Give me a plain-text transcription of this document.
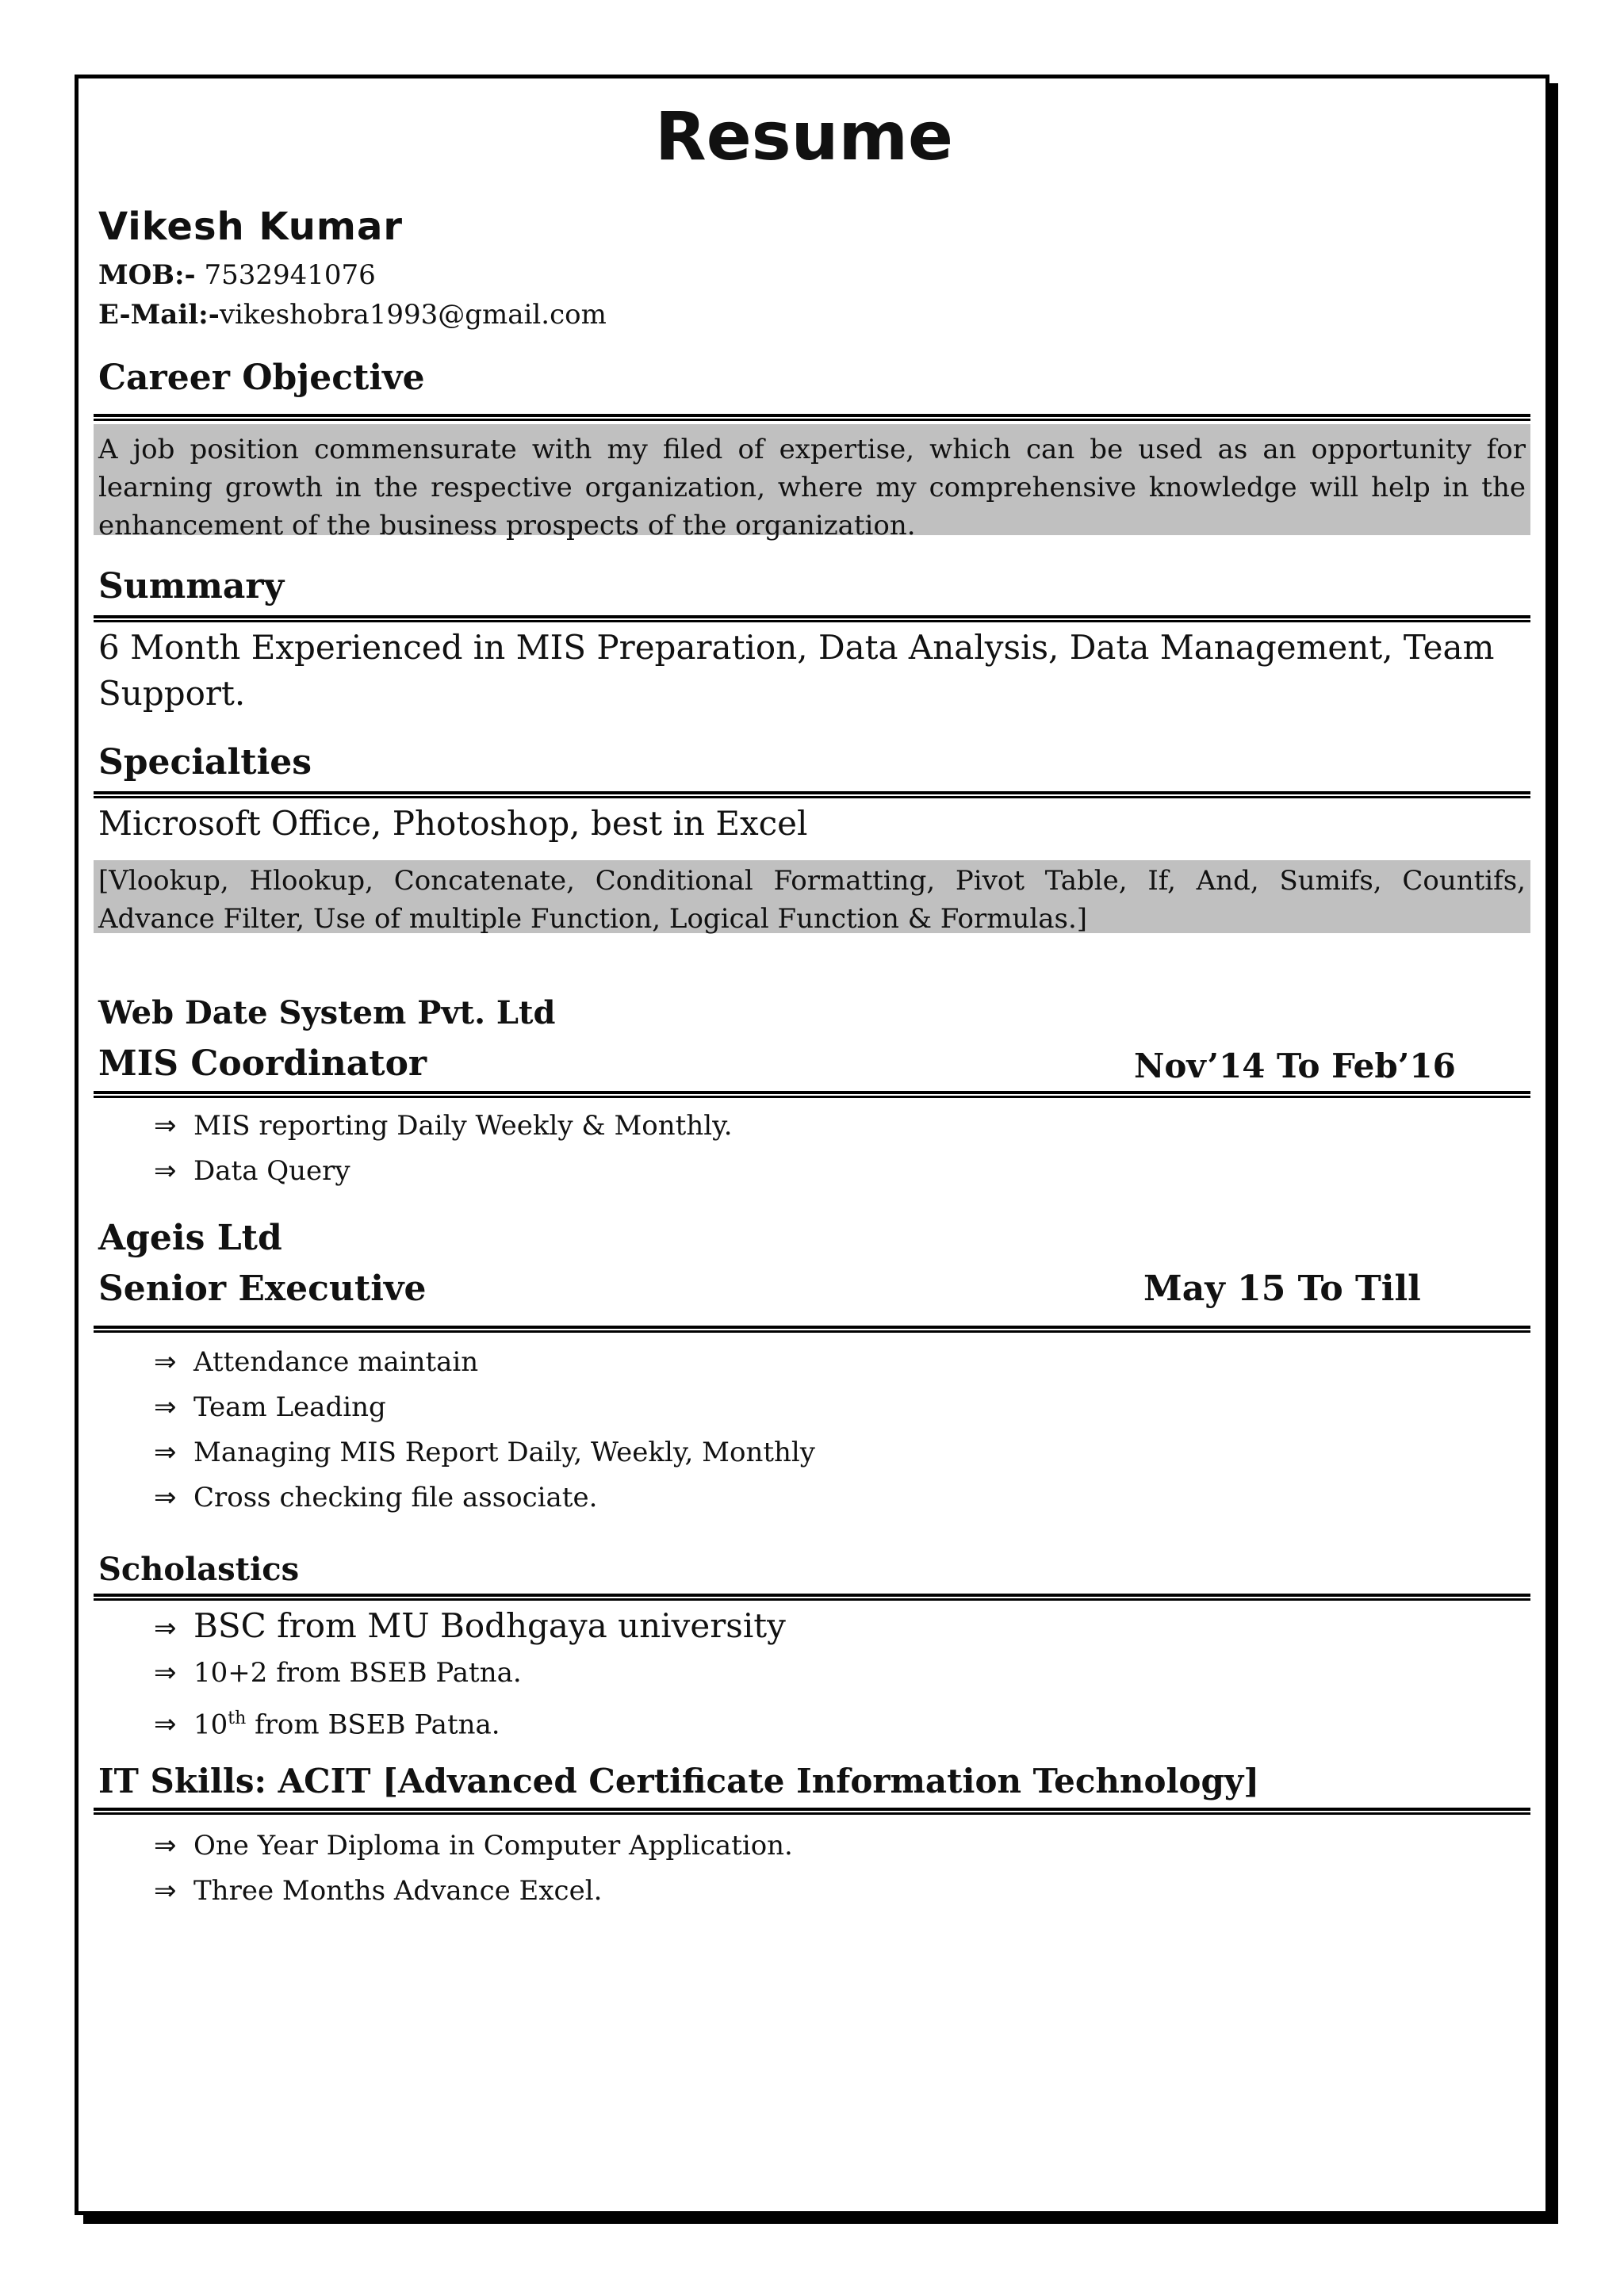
Resume
Vikesh Kumar
MOB:- 7532941076
E-Mail:-vikeshobra1993@gmail.com
Career Objective
A job position commensurate with my filed of expertise, which can be used as an opportunity for learning growth in the respective organization, where my comprehensive knowledge will help in the enhancement of the business prospects of the organization.
Summary
6 Month Experienced in MIS Preparation, Data Analysis, Data Management, Team Support.
Specialties
Microsoft Office, Photoshop, best in Excel
[Vlookup, Hlookup, Concatenate, Conditional Formatting, Pivot Table, If, And, Sumifs, Countifs, Advance Filter, Use of multiple Function, Logical Function & Formulas.]
Web Date System Pvt. Ltd
MIS Coordinator	Nov’14 To Feb’16
⇒ MIS reporting Daily Weekly & Monthly.
⇒ Data Query
Ageis Ltd
Senior Executive	May 15 To Till
⇒ Attendance maintain
⇒ Team Leading
⇒ Managing MIS Report Daily, Weekly, Monthly
⇒ Cross checking file associate.
Scholastics
⇒ BSC from MU Bodhgaya university
⇒ 10+2 from BSEB Patna.
⇒ 10th from BSEB Patna.
IT Skills: ACIT [Advanced Certificate Information Technology]
⇒ One Year Diploma in Computer Application.
⇒ Three Months Advance Excel.
